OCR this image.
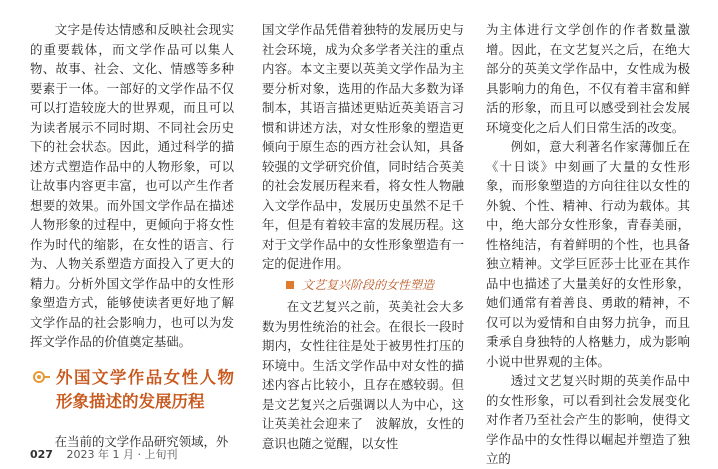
文字是传达情感和反映社会现实的重要载体，而文学作品可以集人物、故事、社会、文化、情感等多种要素于一体。一部好的文学作品不仅可以打造较庞大的世界观，而且可以为读者展示不同时期、不同社会历史下的社会状态。因此，通过科学的描述方式塑造作品中的人物形象，可以让故事内容更丰富，也可以产生作者想要的效果。而外国文学作品在描述人物形象的过程中，更倾向于将女性作为时代的缩影，在女性的语言、行为、人物关系塑造方面投入了更大的精力。分析外国文学作品中的女性形象塑造方式，能够使读者更好地了解文学作品的社会影响力，也可以为发挥文学作品的价值奠定基础。

外国文学作品女性人物形象描述的发展历程

在当前的文学作品研究领域，外

国文学作品凭借着独特的发展历史与社会环境，成为众多学者关注的重点内容。本文主要以英美文学作品为主要分析对象，选用的作品大多数为译制本，其语言描述更贴近英美语言习惯和讲述方法，对女性形象的塑造更倾向于原生态的西方社会认知，具备较强的文学研究价值，同时结合英美的社会发展历程来看，将女性人物融入文学作品中，发展历史虽然不足千年，但是有着较丰富的发展历程。这对于文学作品中的女性形象塑造有一定的促进作用。

文艺复兴阶段的女性塑造

在文艺复兴之前，英美社会大多数为男性统治的社会。在很长一段时期内，女性往往是处于被男性打压的环境中。生活文学作品中对女性的描述内容占比较小，且存在感较弱。但是文艺复兴之后强调以人为中心，这让英美社会迎来了　波解放，女性的意识也随之觉醒，以女性

为主体进行文学创作的作者数量激增。因此，在文艺复兴之后，在绝大部分的英美文学作品中，女性成为极具影响力的角色，不仅有着丰富和鲜活的形象，而且可以感受到社会发展环境变化之后人们日常生活的改变。

例如，意大利著名作家薄伽丘在《十日谈》中刻画了大量的女性形象，而形象塑造的方向往往以女性的外貌、个性、精神、行动为载体。其中，绝大部分女性形象，青春美丽，性格纯洁，有着鲜明的个性，也具备独立精神。文学巨匠莎士比亚在其作品中也描述了大量美好的女性形象，她们通常有着善良、勇敢的精神，不仅可以为爱情和自由努力抗争，而且秉承自身独特的人格魅力，成为影响小说中世界观的主体。

透过文艺复兴时期的英美作品中的女性形象，可以看到社会发展变化对作者乃至社会产生的影响，使得文学作品中的女性得以崛起并塑造了独立的

027 2023 年 1 月 · 上旬刊
